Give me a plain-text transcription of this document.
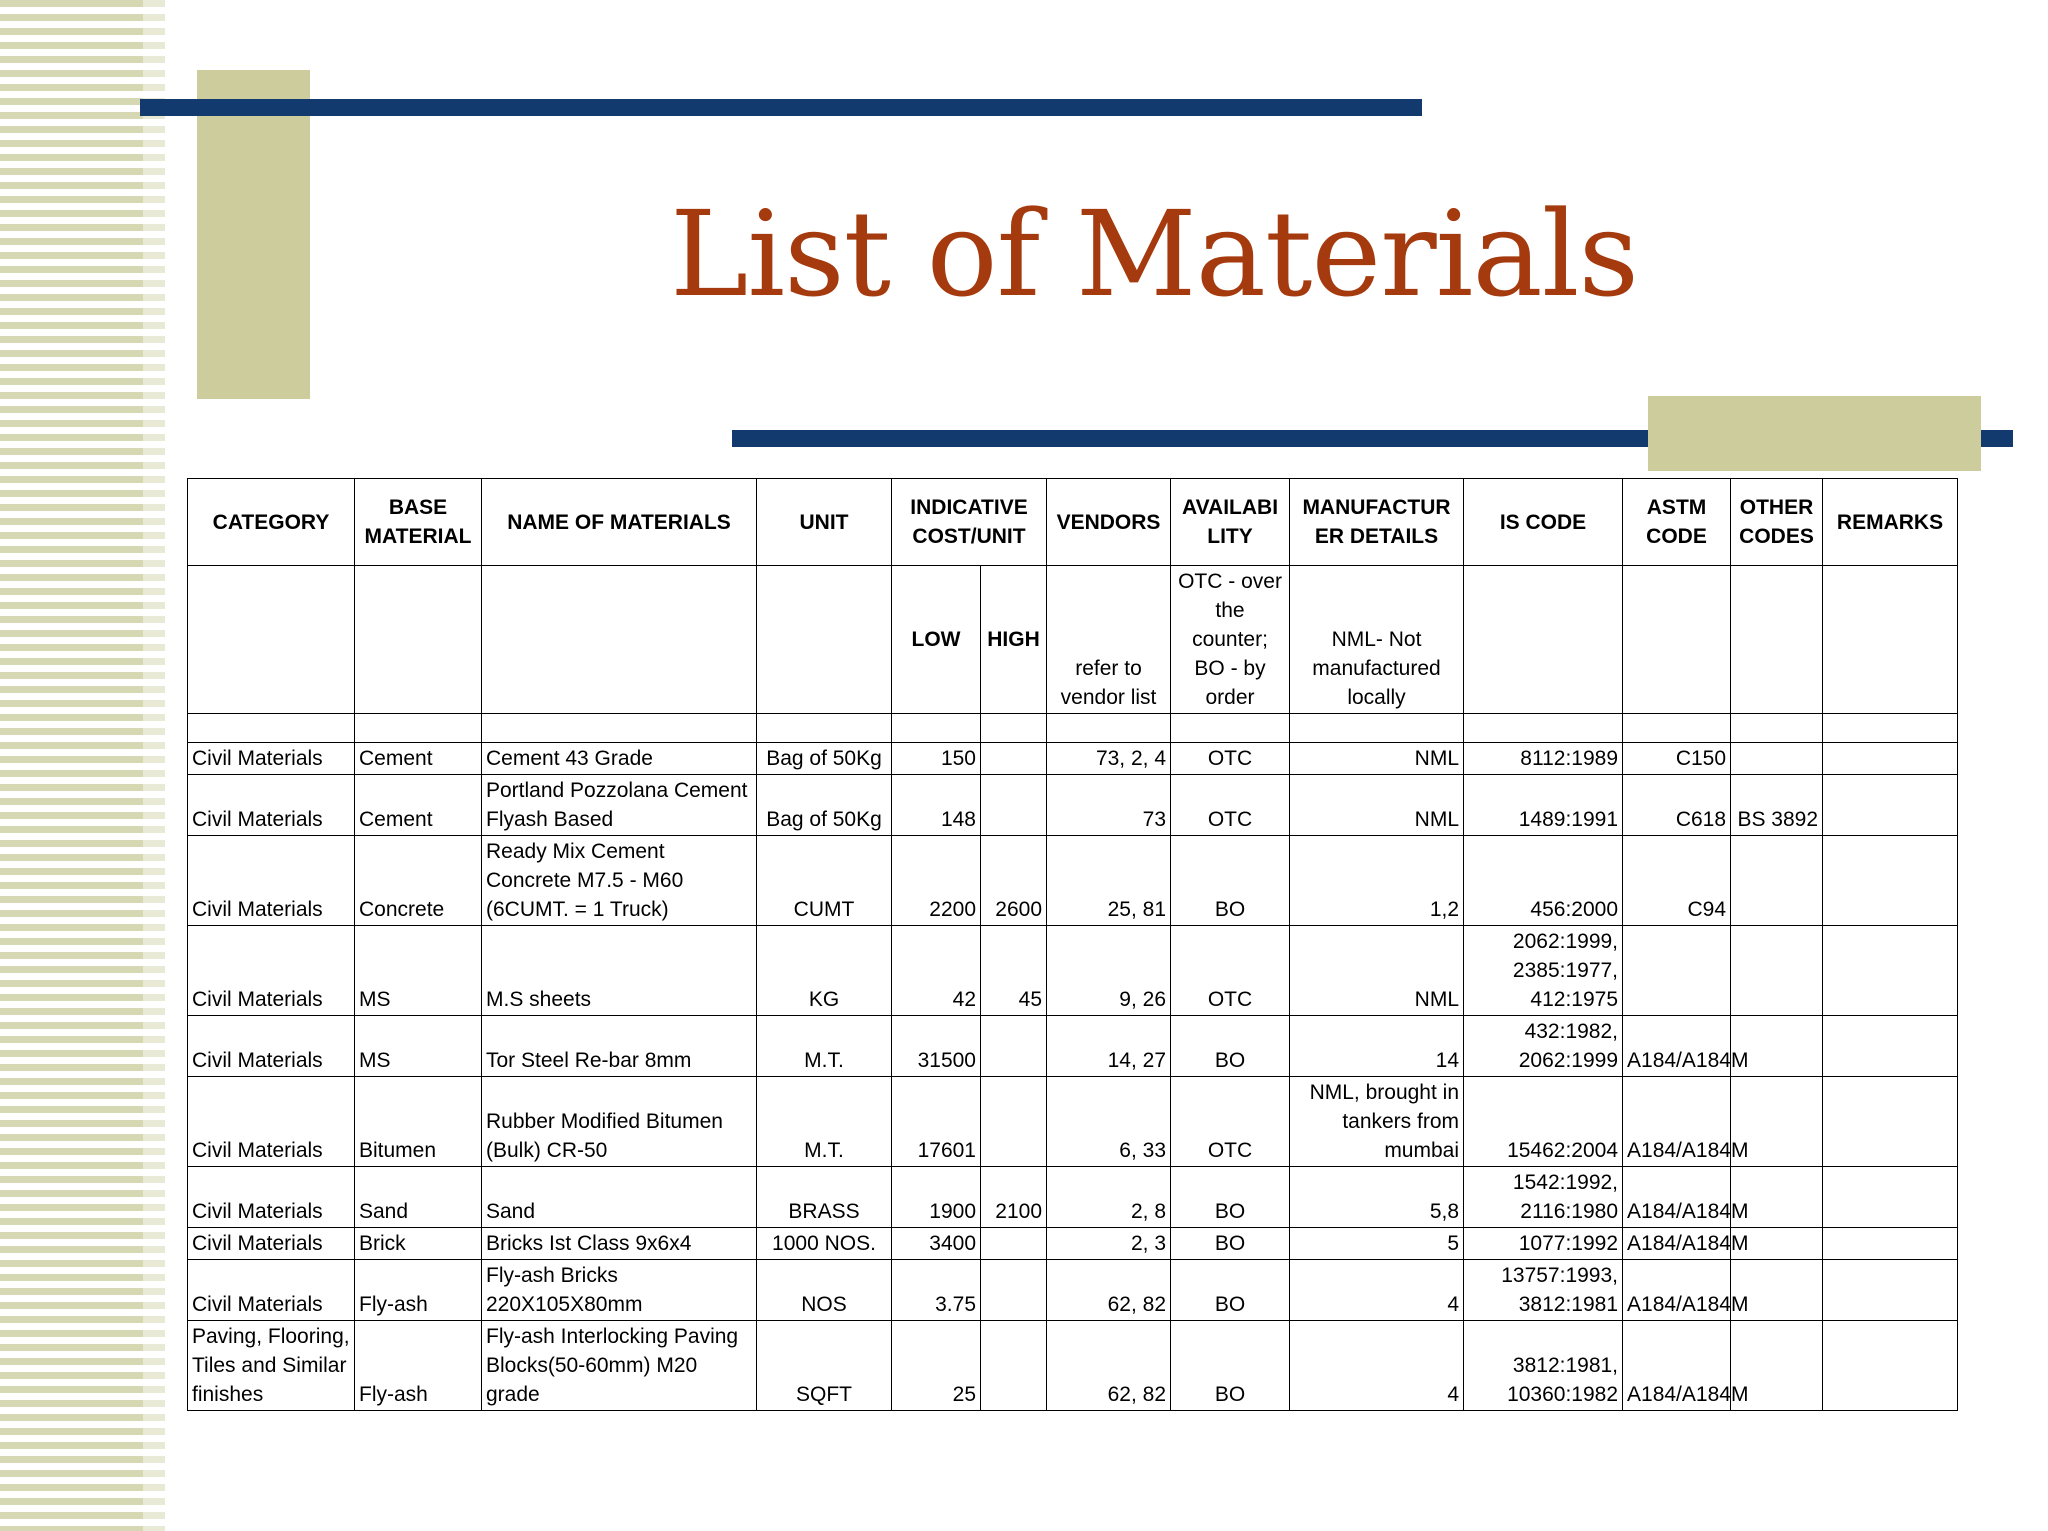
List of Materials
CATEGORY	BASE MATERIAL	NAME OF MATERIALS	UNIT	INDICATIVE COST/UNIT		VENDORS	AVAILABI LITY	MANUFACTUR ER DETAILS	IS CODE	ASTM CODE	OTHER CODES	REMARKS
				LOW	HIGH	refer to vendor list	OTC - over the counter; BO - by order	NML- Not manufactured locally				

Civil Materials	Cement	Cement 43 Grade	Bag of 50Kg	150		73, 2, 4	OTC	NML	8112:1989	C150		
Civil Materials	Cement	Portland Pozzolana Cement Flyash Based	Bag of 50Kg	148		73	OTC	NML	1489:1991	C618	BS 3892	
Civil Materials	Concrete	Ready Mix Cement Concrete M7.5 - M60 (6CUMT. = 1 Truck)	CUMT	2200	2600	25, 81	BO	1,2	456:2000	C94		
Civil Materials	MS	M.S sheets	KG	42	45	9, 26	OTC	NML	2062:1999, 2385:1977, 412:1975			
Civil Materials	MS	Tor Steel Re-bar 8mm	M.T.	31500		14, 27	BO	14	432:1982, 2062:1999	A184/A184M		
Civil Materials	Bitumen	Rubber Modified Bitumen (Bulk) CR-50	M.T.	17601		6, 33	OTC	NML, brought in tankers from mumbai	15462:2004	A184/A184M		
Civil Materials	Sand	Sand	BRASS	1900	2100	2, 8	BO	5,8	1542:1992, 2116:1980	A184/A184M		
Civil Materials	Brick	Bricks Ist Class 9x6x4	1000 NOS.	3400		2, 3	BO	5	1077:1992	A184/A184M		
Civil Materials	Fly-ash	Fly-ash Bricks 220X105X80mm	NOS	3.75		62, 82	BO	4	13757:1993, 3812:1981	A184/A184M		
Paving, Flooring, Tiles and Similar finishes	Fly-ash	Fly-ash Interlocking Paving Blocks(50-60mm) M20 grade	SQFT	25		62, 82	BO	4	3812:1981, 10360:1982	A184/A184M		
